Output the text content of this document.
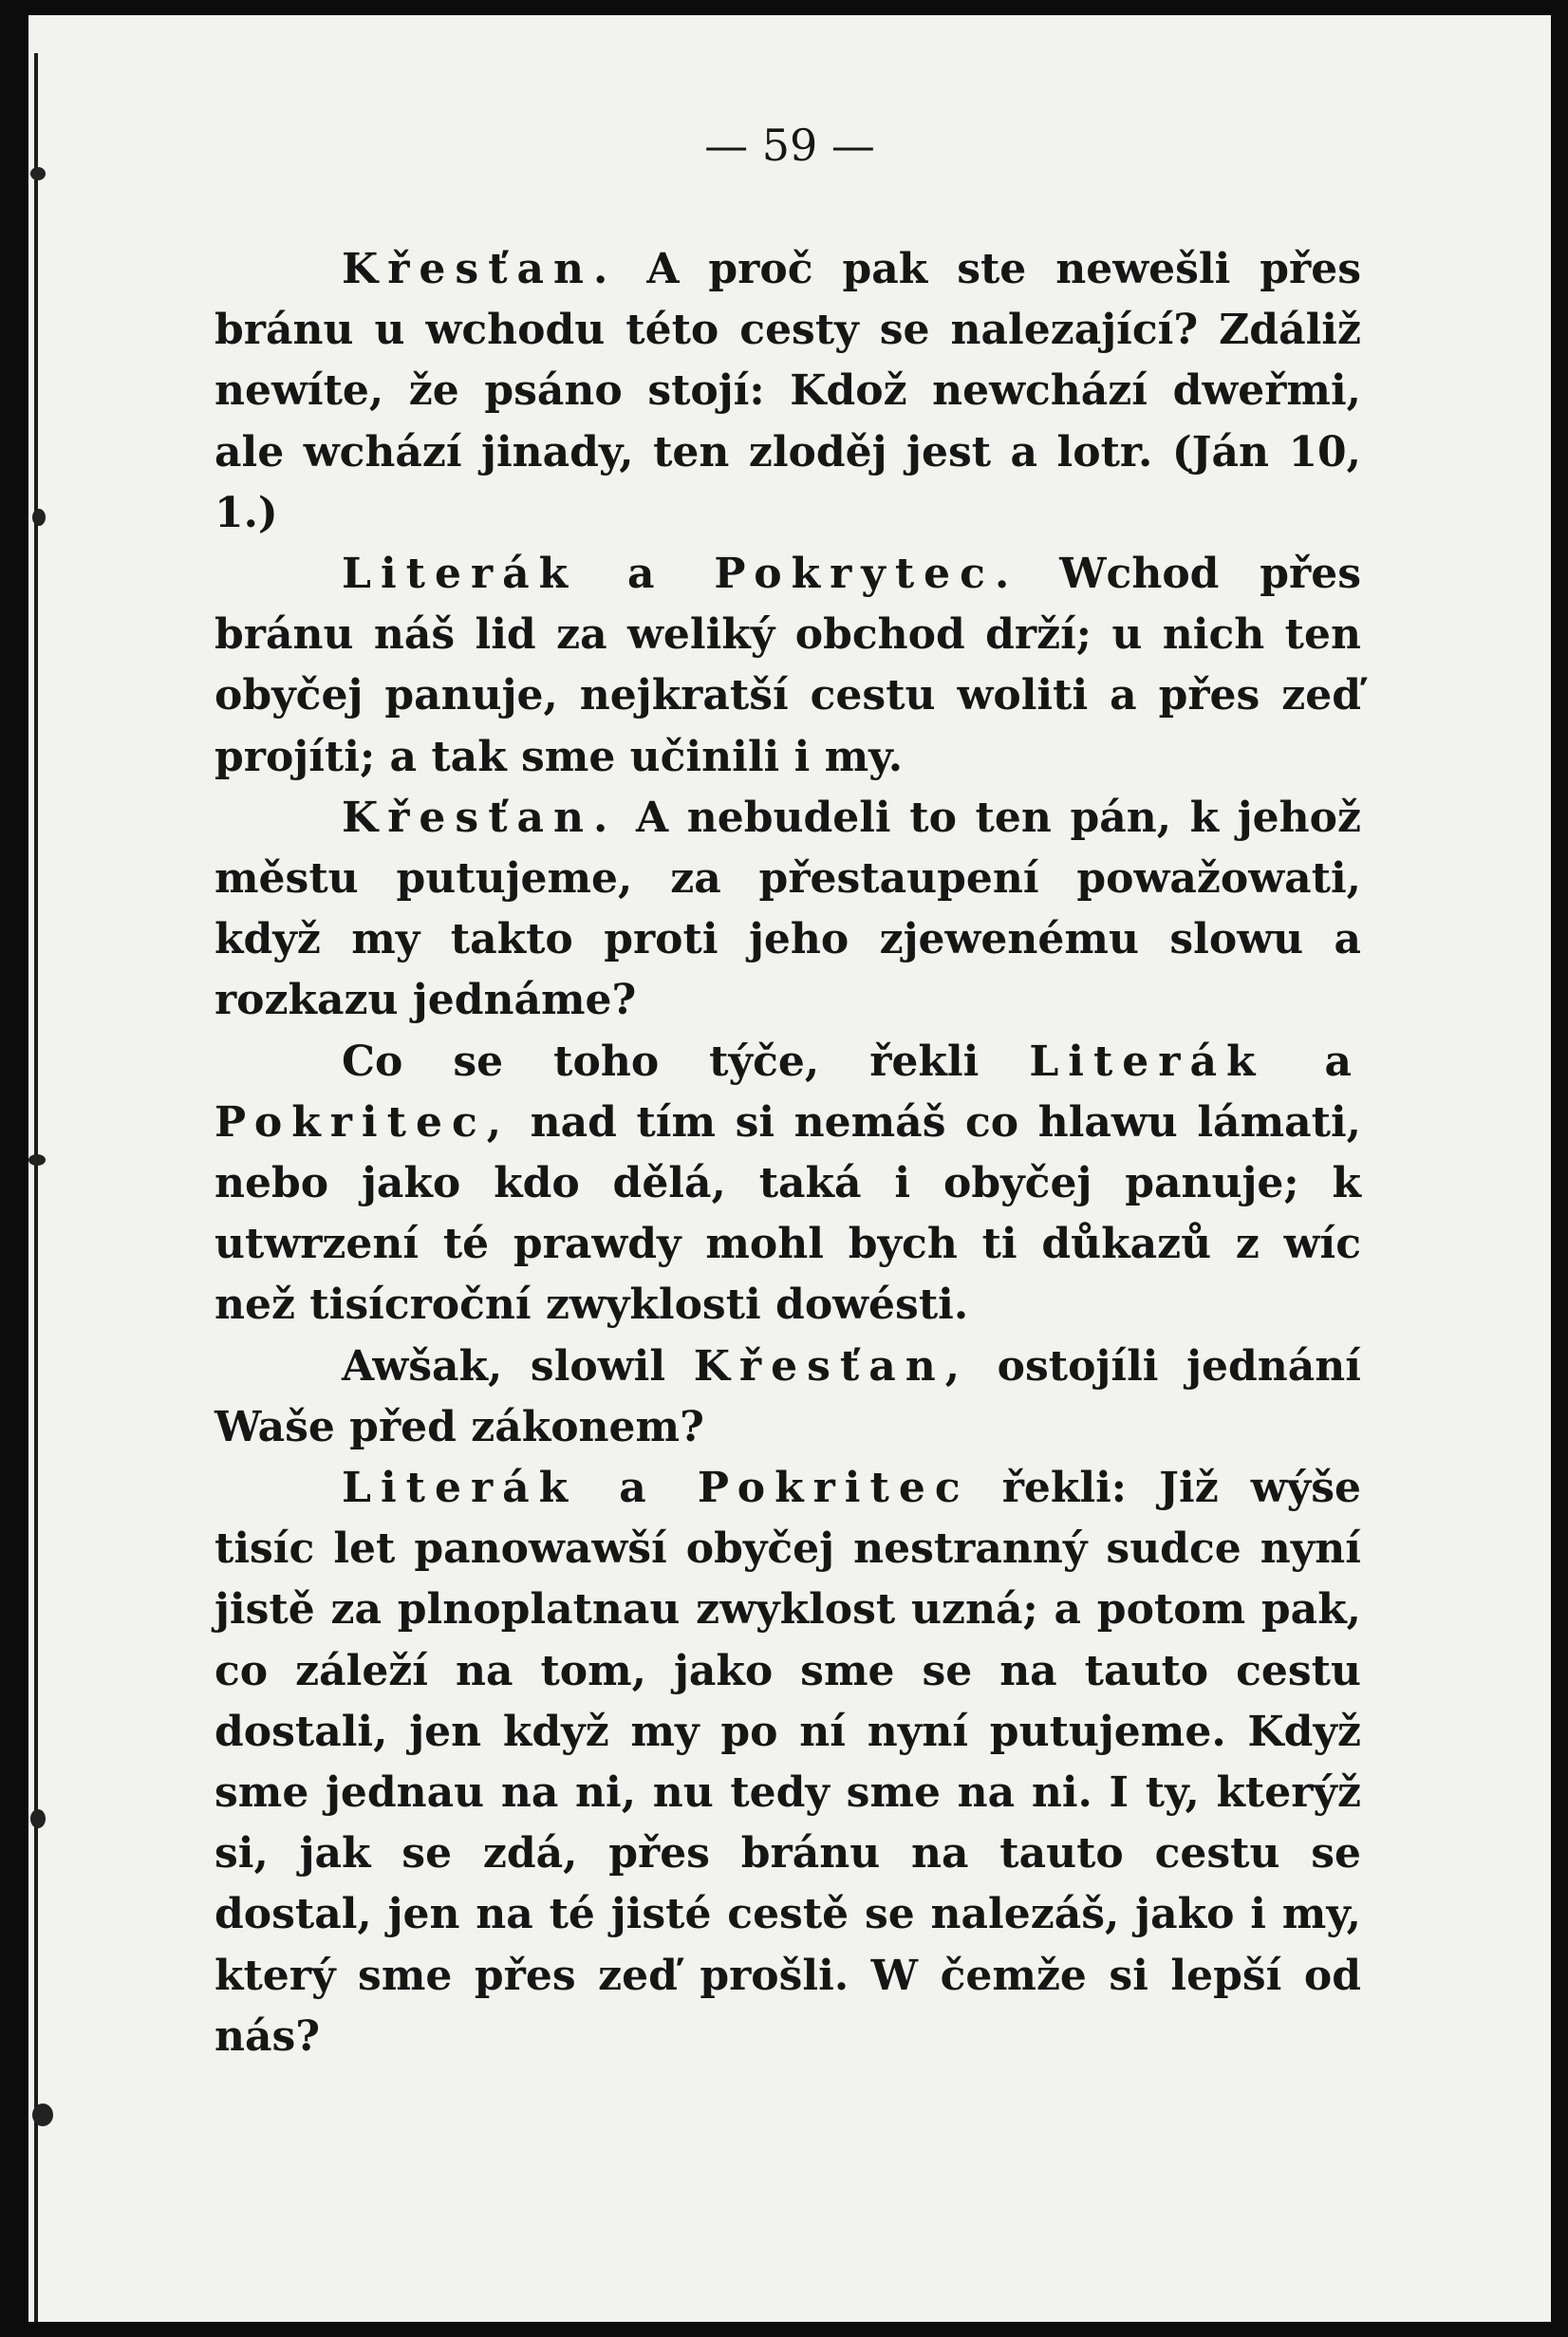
— 59 —

Křesťan. A proč pak ste newešli přes bránu u wchodu této cesty se nalezající? Zdáliž newíte, že psáno stojí: Kdož newchází dweřmi, ale wchází jinady, ten zloděj jest a lotr. (Ján 10, 1.)

Literák a Pokrytec. Wchod přes bránu náš lid za weliký obchod drží; u nich ten obyčej panuje, nejkratší cestu woliti a přes zeď projíti; a tak sme učinili i my.

Křesťan. A nebudeli to ten pán, k jehož městu putujeme, za přestaupení powažowati, když my takto proti jeho zjewenému slowu a rozkazu jednáme?

Co se toho týče, řekli Literák a Pokritec, nad tím si nemáš co hlawu lámati, nebo jako kdo dělá, taká i obyčej panuje; k utwrzení té prawdy mohl bych ti důkazů z wíc než tisícroční zwyklosti dowésti.

Awšak, slowil Křesťan, ostojíli jednání Waše před zákonem?

Literák a Pokritec řekli: Již wýše tisíc let panowawší obyčej nestranný sudce nyní jistě za plnoplatnau zwyklost uzná; a potom pak, co záleží na tom, jako sme se na tauto cestu dostali, jen když my po ní nyní putujeme. Když sme jednau na ni, nu tedy sme na ni. I ty, kterýž si, jak se zdá, přes bránu na tauto cestu se dostal, jen na té jisté cestě se nalezáš, jako i my, který sme přes zeď prošli. W čemže si lepší od nás?
